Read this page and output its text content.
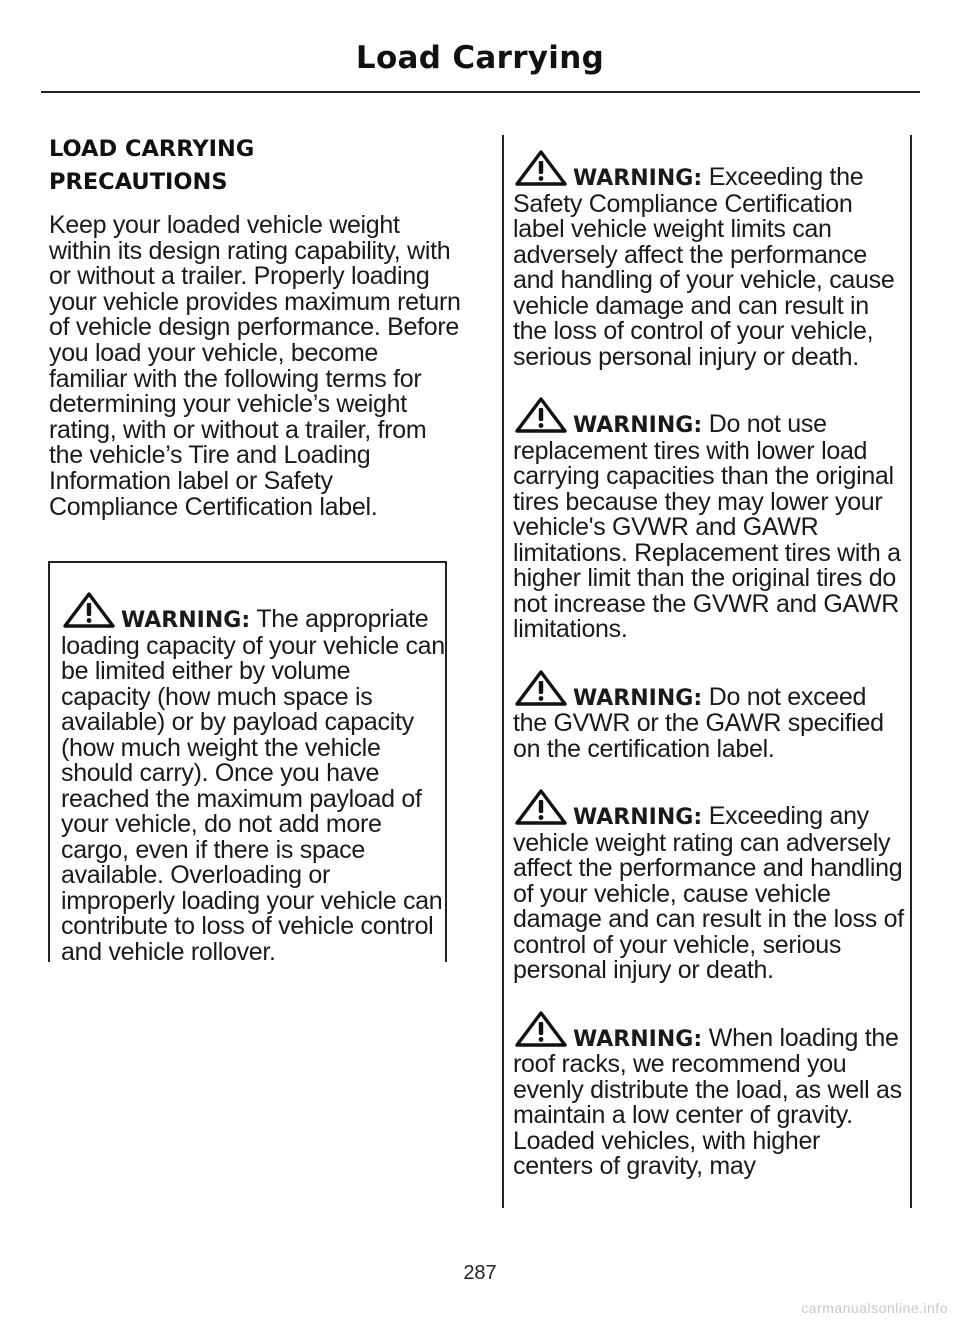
Load Carrying
LOAD CARRYING
PRECAUTIONS

Keep your loaded vehicle weight within its design rating capability, with or without a trailer. Properly loading your vehicle provides maximum return of vehicle design performance. Before you load your vehicle, become familiar with the following terms for determining your vehicle’s weight rating, with or without a trailer, from the vehicle’s Tire and Loading Information label or Safety Compliance Certification label.

WARNING: The appropriate loading capacity of your vehicle can be limited either by volume capacity (how much space is available) or by payload capacity (how much weight the vehicle should carry). Once you have reached the maximum payload of your vehicle, do not add more cargo, even if there is space available. Overloading or improperly loading your vehicle can contribute to loss of vehicle control and vehicle rollover.

WARNING: Exceeding the Safety Compliance Certification label vehicle weight limits can adversely affect the performance and handling of your vehicle, cause vehicle damage and can result in the loss of control of your vehicle, serious personal injury or death.

WARNING: Do not use replacement tires with lower load carrying capacities than the original tires because they may lower your vehicle's GVWR and GAWR limitations. Replacement tires with a higher limit than the original tires do not increase the GVWR and GAWR limitations.

WARNING: Do not exceed the GVWR or the GAWR specified on the certification label.

WARNING: Exceeding any vehicle weight rating can adversely affect the performance and handling of your vehicle, cause vehicle damage and can result in the loss of control of your vehicle, serious personal injury or death.

WARNING: When loading the roof racks, we recommend you evenly distribute the load, as well as maintain a low center of gravity. Loaded vehicles, with higher centers of gravity, may

287
carmanualsonline.info
